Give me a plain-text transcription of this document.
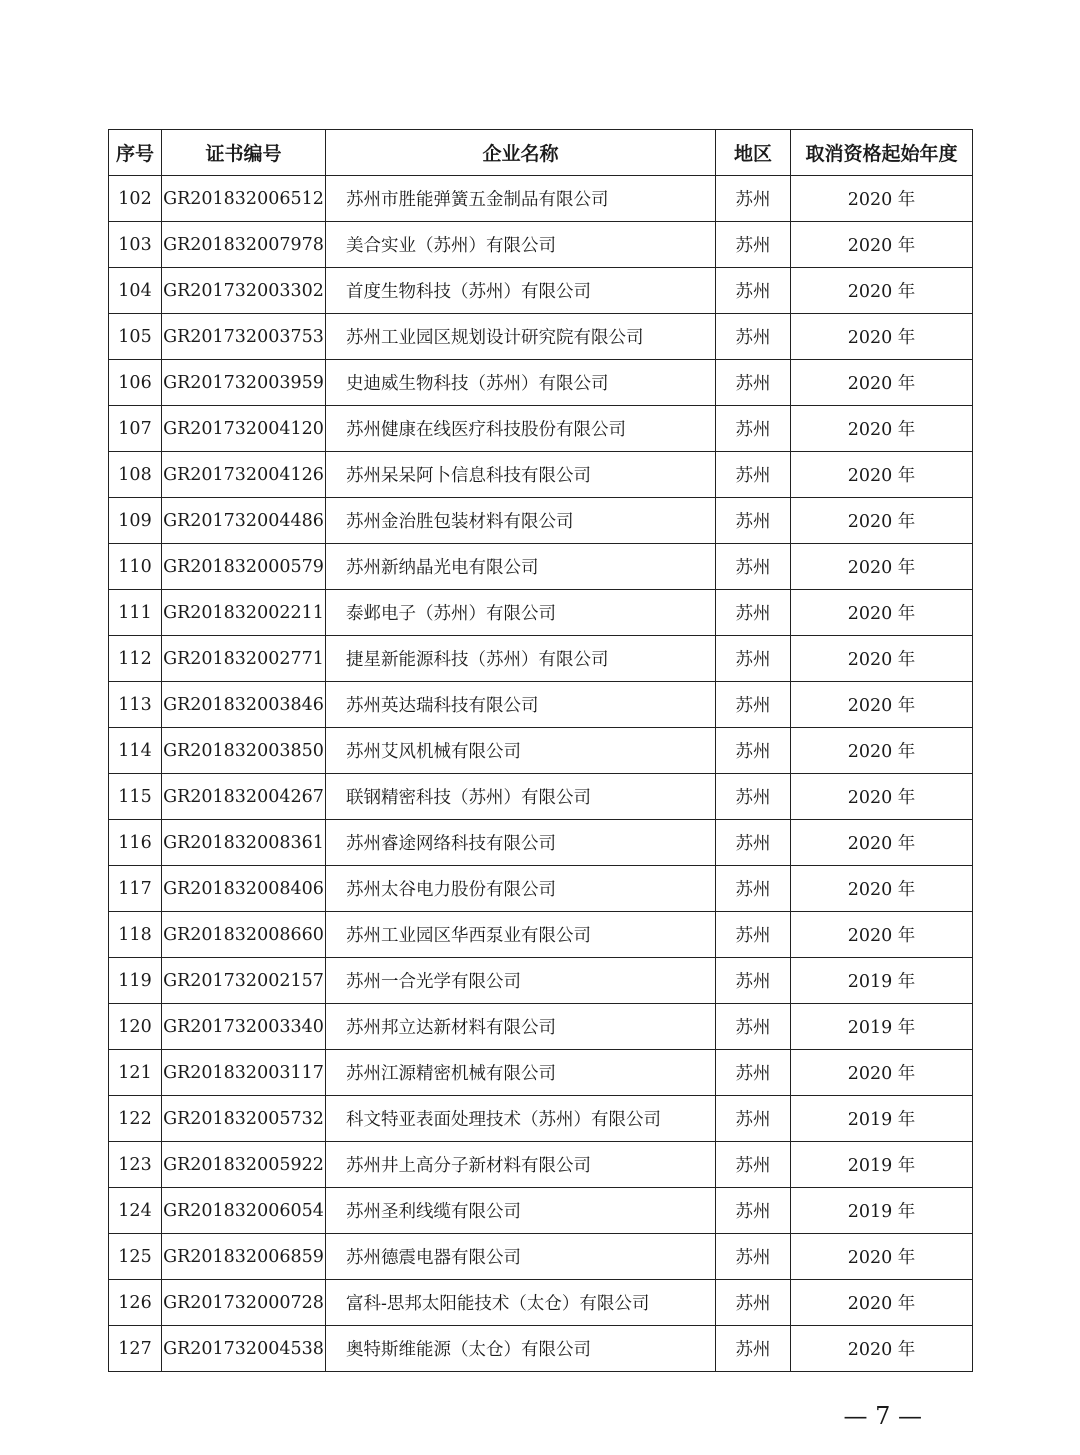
序号	证书编号	企业名称	地区	取消资格起始年度
102	GR201832006512	苏州市胜能弹簧五金制品有限公司	苏州	2020 年
103	GR201832007978	美合实业（苏州）有限公司	苏州	2020 年
104	GR201732003302	首度生物科技（苏州）有限公司	苏州	2020 年
105	GR201732003753	苏州工业园区规划设计研究院有限公司	苏州	2020 年
106	GR201732003959	史迪威生物科技（苏州）有限公司	苏州	2020 年
107	GR201732004120	苏州健康在线医疗科技股份有限公司	苏州	2020 年
108	GR201732004126	苏州呆呆阿卜信息科技有限公司	苏州	2020 年
109	GR201732004486	苏州金治胜包装材料有限公司	苏州	2020 年
110	GR201832000579	苏州新纳晶光电有限公司	苏州	2020 年
111	GR201832002211	泰邺电子（苏州）有限公司	苏州	2020 年
112	GR201832002771	捷星新能源科技（苏州）有限公司	苏州	2020 年
113	GR201832003846	苏州英达瑞科技有限公司	苏州	2020 年
114	GR201832003850	苏州艾风机械有限公司	苏州	2020 年
115	GR201832004267	联钢精密科技（苏州）有限公司	苏州	2020 年
116	GR201832008361	苏州睿途网络科技有限公司	苏州	2020 年
117	GR201832008406	苏州太谷电力股份有限公司	苏州	2020 年
118	GR201832008660	苏州工业园区华西泵业有限公司	苏州	2020 年
119	GR201732002157	苏州一合光学有限公司	苏州	2019 年
120	GR201732003340	苏州邦立达新材料有限公司	苏州	2019 年
121	GR201832003117	苏州江源精密机械有限公司	苏州	2020 年
122	GR201832005732	科文特亚表面处理技术（苏州）有限公司	苏州	2019 年
123	GR201832005922	苏州井上高分子新材料有限公司	苏州	2019 年
124	GR201832006054	苏州圣利线缆有限公司	苏州	2019 年
125	GR201832006859	苏州德震电器有限公司	苏州	2020 年
126	GR201732000728	富科-思邦太阳能技术（太仓）有限公司	苏州	2020 年
127	GR201732004538	奥特斯维能源（太仓）有限公司	苏州	2020 年
— 7 —
